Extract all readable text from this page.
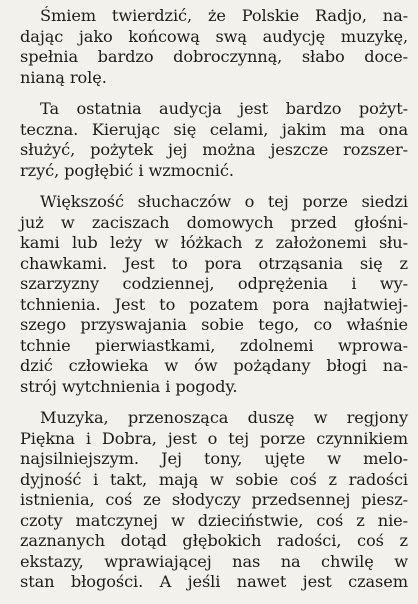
Śmiem twierdzić, że Polskie Radjo, na-
dając jako końcową swą audycję muzykę,
spełnia bardzo dobroczynną, słabo doce-
nianą rolę.

Ta ostatnia audycja jest bardzo pożyt-
teczna. Kierując się celami, jakim ma ona
służyć, pożytek jej można jeszcze rozszer-
rzyć, pogłębić i wzmocnić.

Większość słuchaczów o tej porze siedzi
już w zaciszach domowych przed głośni-
kami lub leży w łóżkach z założonemi słu-
chawkami. Jest to pora otrząsania się z
szarzyzny codziennej, odprężenia i wy-
tchnienia. Jest to pozatem pora najłatwiej-
szego przyswajania sobie tego, co właśnie
tchnie pierwiastkami, zdolnemi wprowa-
dzić człowieka w ów pożądany błogi na-
strój wytchnienia i pogody.

Muzyka, przenosząca duszę w regjony
Piękna i Dobra, jest o tej porze czynnikiem
najsilniejszym. Jej tony, ujęte w melo-
dyjność i takt, mają w sobie coś z radości
istnienia, coś ze słodyczy przedsennej piesz-
czoty matczynej w dzieciństwie, coś z nie-
zaznanych dotąd głębokich radości, coś z
ekstazy, wprawiającej nas na chwilę w
stan błogości. A jeśli nawet jest czasem
